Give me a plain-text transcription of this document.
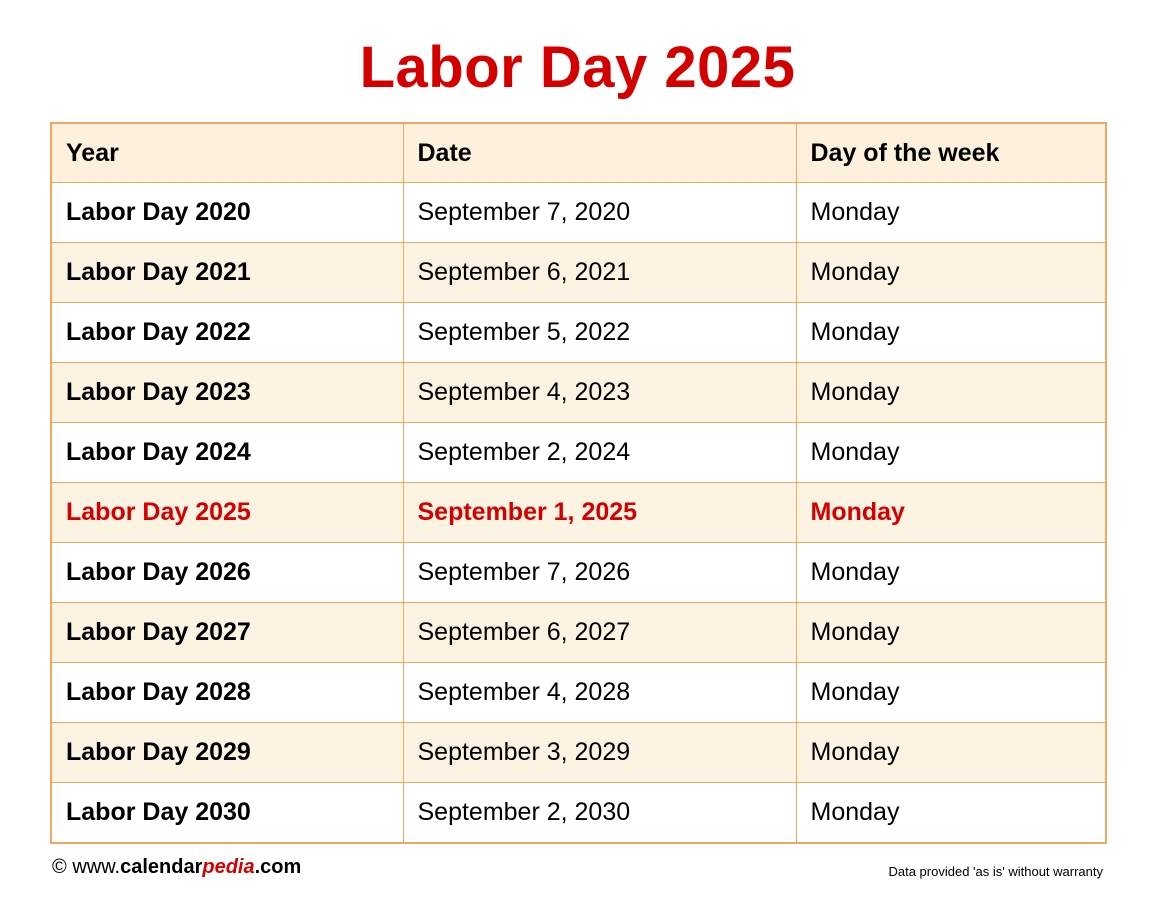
Labor Day 2025
Year	Date	Day of the week
Labor Day 2020	September 7, 2020	Monday
Labor Day 2021	September 6, 2021	Monday
Labor Day 2022	September 5, 2022	Monday
Labor Day 2023	September 4, 2023	Monday
Labor Day 2024	September 2, 2024	Monday
Labor Day 2025	September 1, 2025	Monday
Labor Day 2026	September 7, 2026	Monday
Labor Day 2027	September 6, 2027	Monday
Labor Day 2028	September 4, 2028	Monday
Labor Day 2029	September 3, 2029	Monday
Labor Day 2030	September 2, 2030	Monday
© www.calendarpedia.com	Data provided 'as is' without warranty
